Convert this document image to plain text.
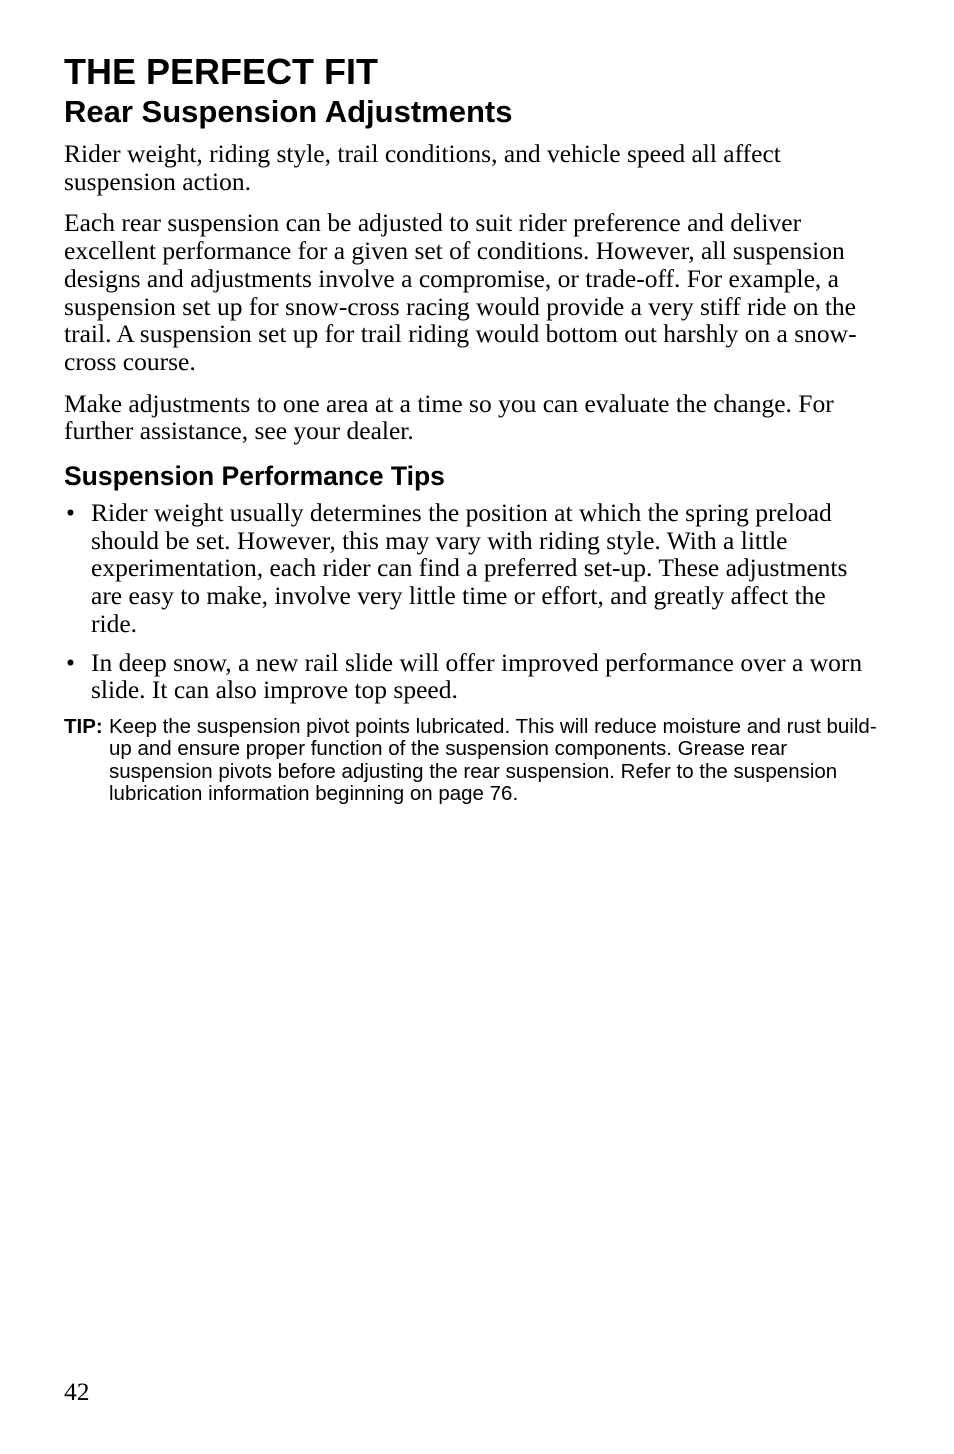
THE PERFECT FIT
Rear Suspension Adjustments

Rider weight, riding style, trail conditions, and vehicle speed all affect suspension action.

Each rear suspension can be adjusted to suit rider preference and deliver excellent performance for a given set of conditions. However, all suspension designs and adjustments involve a compromise, or trade-off. For example, a suspension set up for snow-cross racing would provide a very stiff ride on the trail. A suspension set up for trail riding would bottom out harshly on a snow-cross course.

Make adjustments to one area at a time so you can evaluate the change. For further assistance, see your dealer.

Suspension Performance Tips
• Rider weight usually determines the position at which the spring preload should be set. However, this may vary with riding style. With a little experimentation, each rider can find a preferred set-up. These adjustments are easy to make, involve very little time or effort, and greatly affect the ride.
• In deep snow, a new rail slide will offer improved performance over a worn slide. It can also improve top speed.
TIP: Keep the suspension pivot points lubricated. This will reduce moisture and rust build-up and ensure proper function of the suspension components. Grease rear suspension pivots before adjusting the rear suspension. Refer to the suspension lubrication information beginning on page 76.
42
